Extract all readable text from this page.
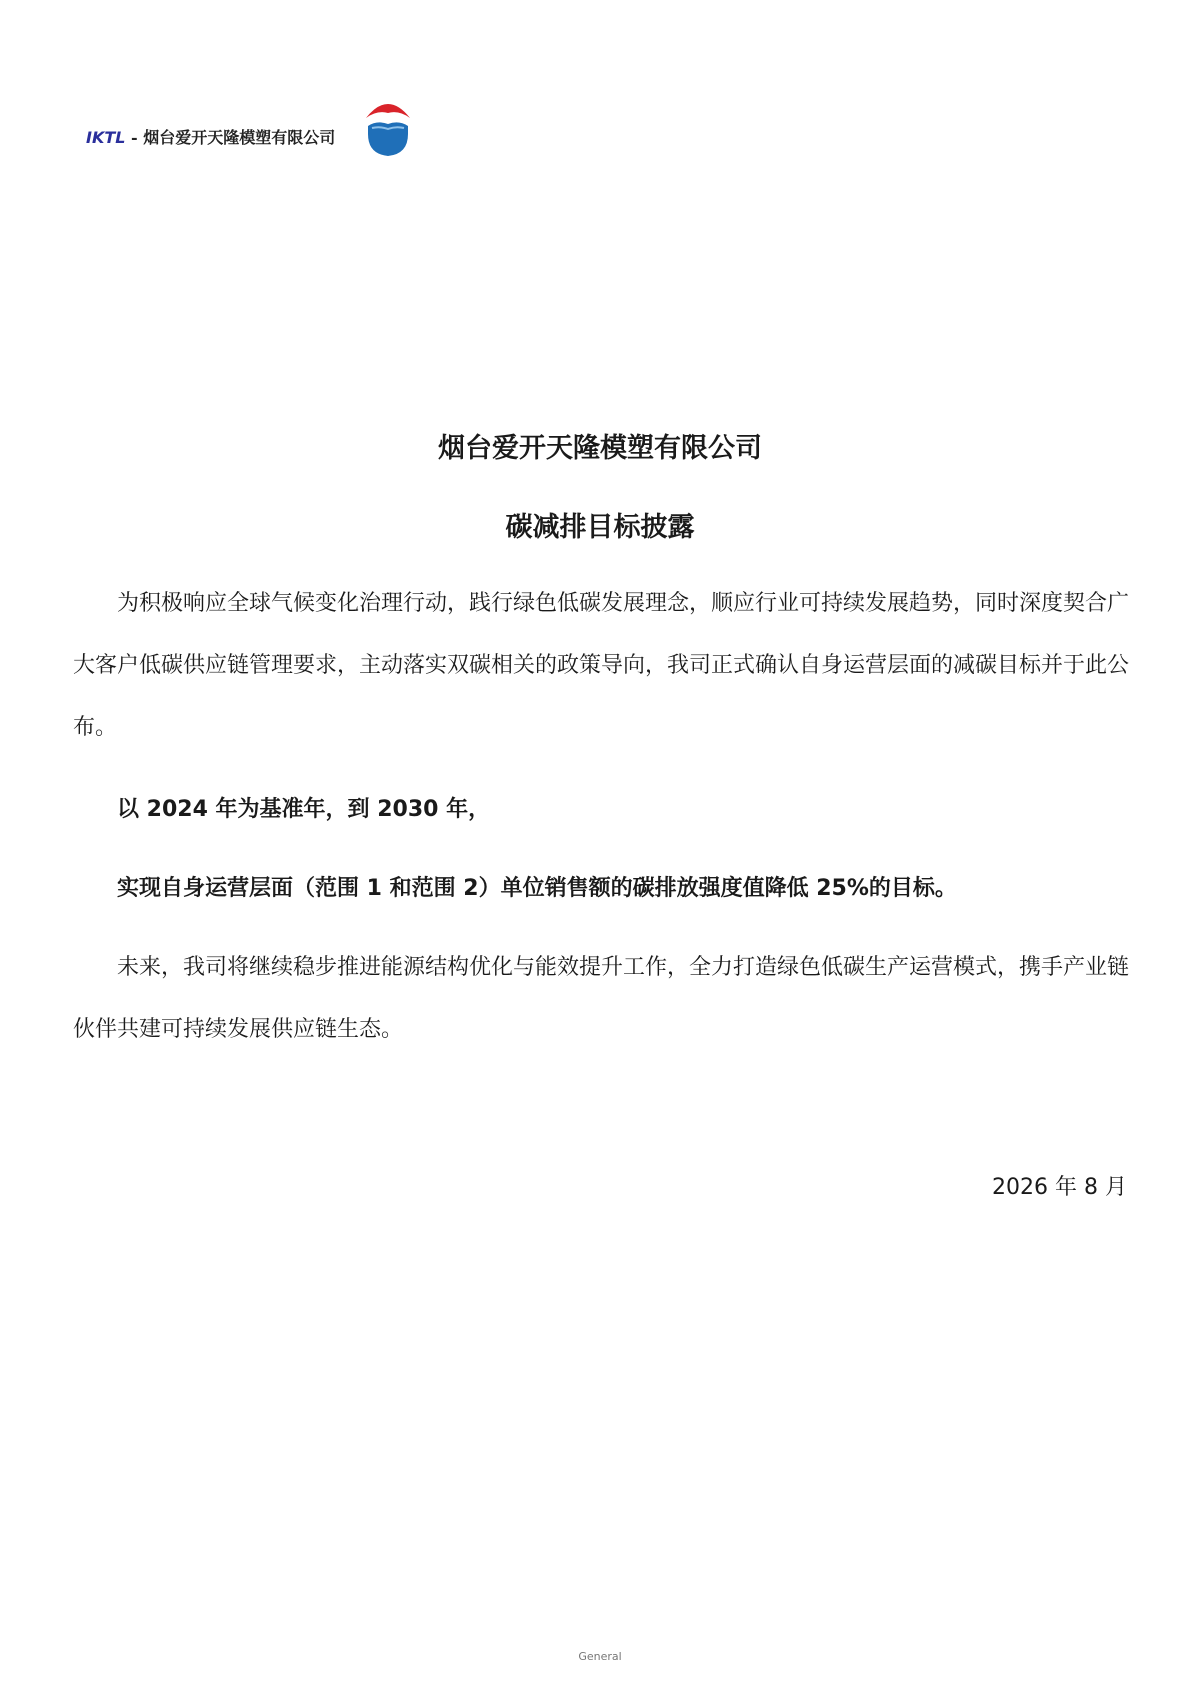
IKTL - 烟台爱开天隆模塑有限公司
烟台爱开天隆模塑有限公司
碳减排目标披露

为积极响应全球气候变化治理行动，践行绿色低碳发展理念，顺应行业可持续发展趋势，同时深度契合广大客户低碳供应链管理要求，主动落实双碳相关的政策导向，我司正式确认自身运营层面的减碳目标并于此公布。

以 2024 年为基准年，到 2030 年，

实现自身运营层面（范围 1 和范围 2）单位销售额的碳排放强度值降低 25%的目标。

未来，我司将继续稳步推进能源结构优化与能效提升工作，全力打造绿色低碳生产运营模式，携手产业链伙伴共建可持续发展供应链生态。

2026 年 8 月
General
